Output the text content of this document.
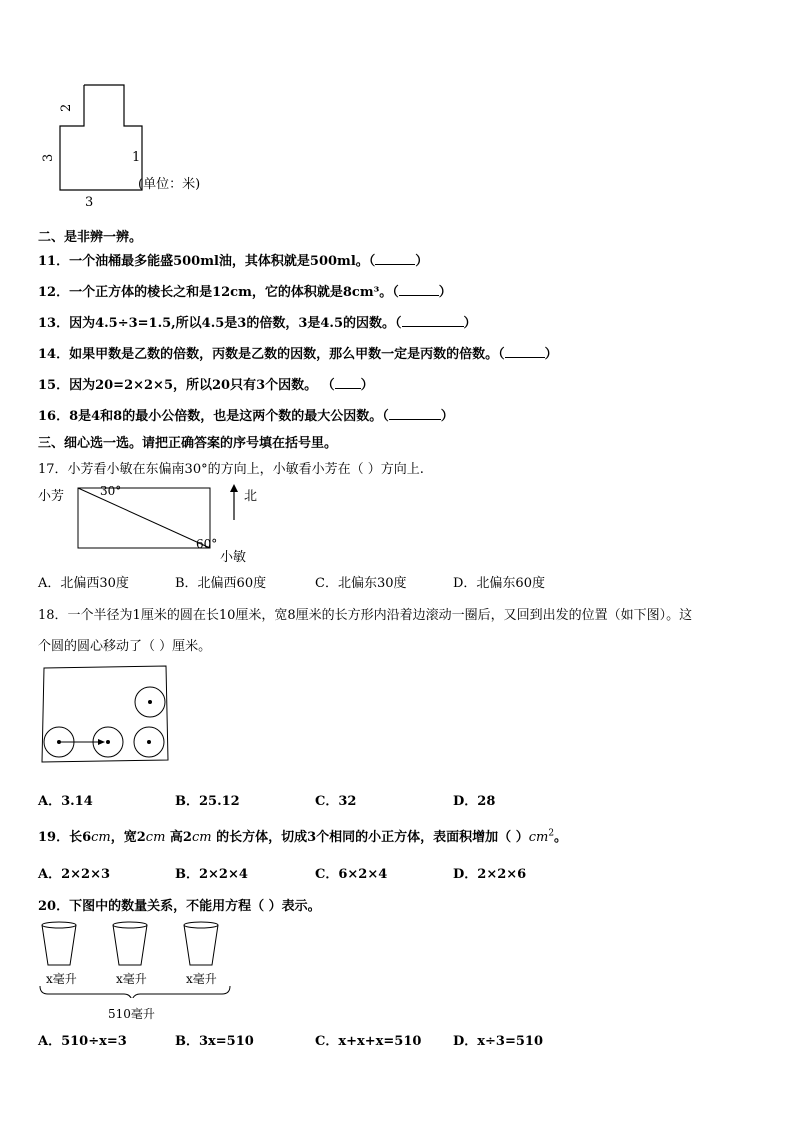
2
3	1
3
(单位：米)
二、是非辨一辨。
11．一个油桶最多能盛500ml油，其体积就是500ml。（	）
12．一个正方体的棱长之和是12cm，它的体积就是8cm³。（	）
13．因为4.5÷3=1.5,所以4.5是3的倍数，3是4.5的因数。（	）
14．如果甲数是乙数的倍数，丙数是乙数的因数，那么甲数一定是丙数的倍数。（	）
15．因为20=2×2×5，所以20只有3个因数。 （ ）
16．8是4和8的最小公倍数，也是这两个数的最大公因数。（	）
三、细心选一选。请把正确答案的序号填在括号里。
17．小芳看小敏在东偏南30°的方向上，小敏看小芳在（ ）方向上.
小芳	30°
60°
小敏
北
A．北偏西30度	B．北偏西60度	C．北偏东30度	D．北偏东60度
18．一个半径为1厘米的圆在长10厘米，宽8厘米的长方形内沿着边滚动一圈后，又回到出发的位置（如下图）。这
个圆的圆心移动了（ ）厘米。
A．3.14	B．25.12	C．32	D．28
19．长6cm，宽2cm 高2cm 的长方体，切成3个相同的小正方体，表面积增加（ ）$cm^2$。
A．2×2×3	B．2×2×4	C．6×2×4	D．2×2×6
20．下图中的数量关系，不能用方程（ ）表示。
x毫升	x毫升	x毫升
510毫升
A．510÷x=3	B．3x=510	C．x+x+x=510 D．x÷3=510
